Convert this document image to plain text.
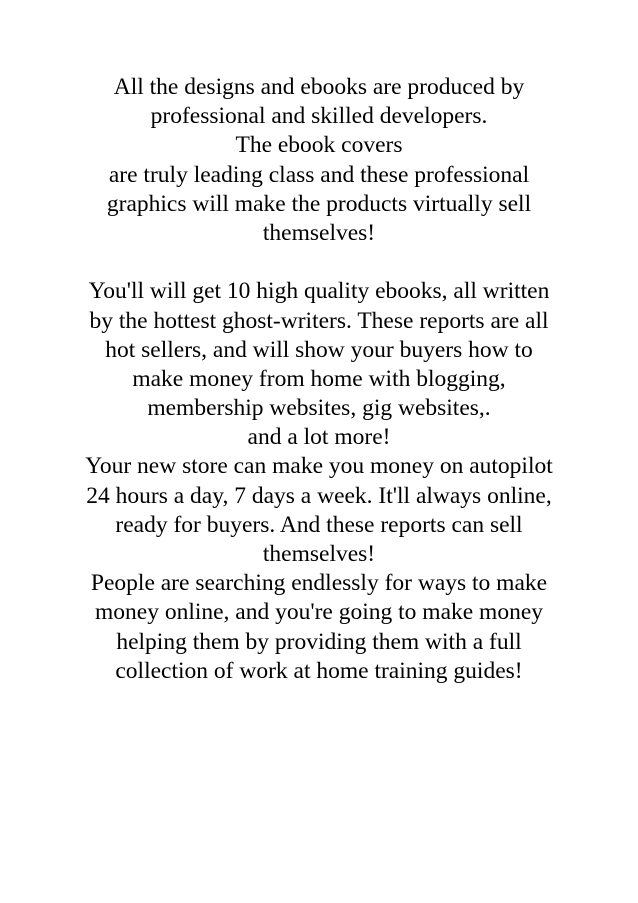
All the designs and ebooks are produced by
professional and skilled developers.
The ebook covers
are truly leading class and these professional
graphics will make the products virtually sell
themselves!
You'll will get 10 high quality ebooks, all written
by the hottest ghost-writers. These reports are all
hot sellers, and will show your buyers how to
make money from home with blogging,
membership websites, gig websites,.
and a lot more!
Your new store can make you money on autopilot
24 hours a day, 7 days a week. It'll always online,
ready for buyers. And these reports can sell
themselves!
People are searching endlessly for ways to make
money online, and you're going to make money
helping them by providing them with a full
collection of work at home training guides!
